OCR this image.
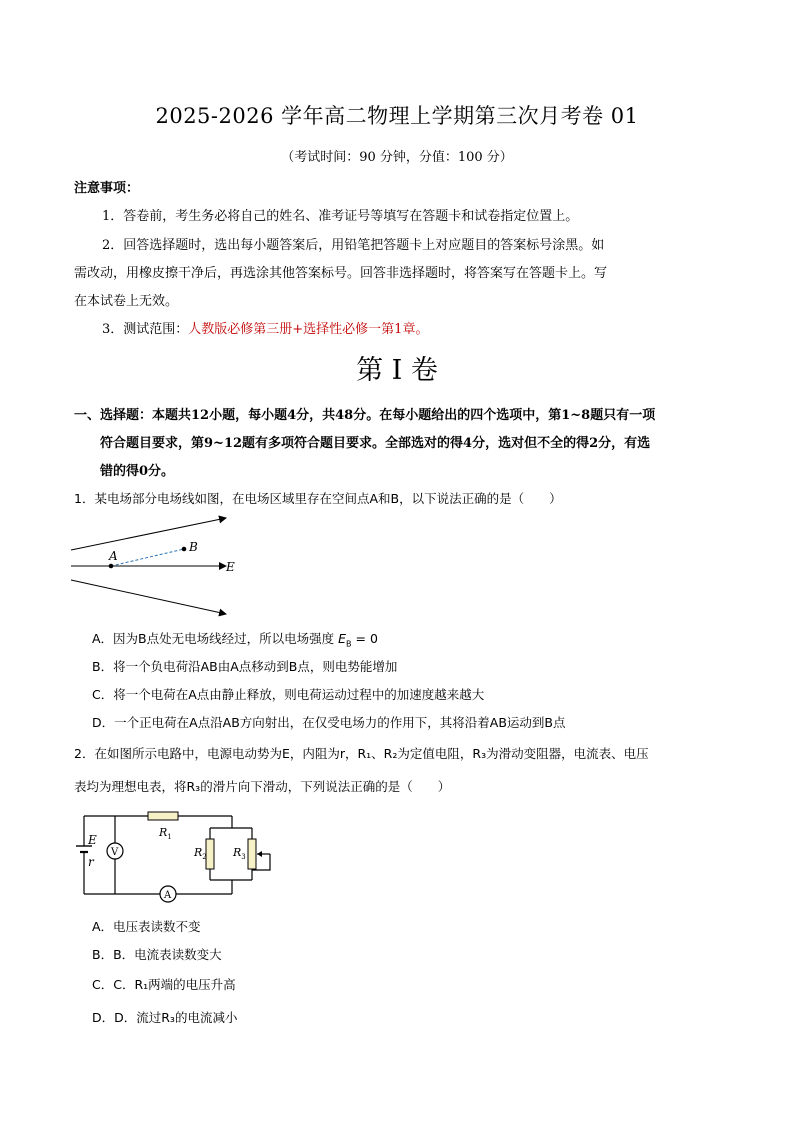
2025-2026 学年高二物理上学期第三次月考卷 01
（考试时间：90 分钟，分值：100 分）
注意事项：
1．答卷前，考生务必将自己的姓名、准考证号等填写在答题卡和试卷指定位置上。
2．回答选择题时，选出每小题答案后，用铅笔把答题卡上对应题目的答案标号涂黑。如
需改动，用橡皮擦干净后，再选涂其他答案标号。回答非选择题时，将答案写在答题卡上。写
在本试卷上无效。
3．测试范围：人教版必修第三册+选择性必修一第1章。
第 I 卷
一、选择题：本题共12小题，每小题4分，共48分。在每小题给出的四个选项中，第1~8题只有一项
符合题目要求，第9~12题有多项符合题目要求。全部选对的得4分，选对但不全的得2分，有选
错的得0分。
1．某电场部分电场线如图，在电场区域里存在空间点A和B，以下说法正确的是（　　）
A
B
E
A．因为B点处无电场线经过，所以电场强度 $E_B = 0$
B．将一个负电荷沿AB由A点移动到B点，则电势能增加
C．将一个电荷在A点由静止释放，则电荷运动过程中的加速度越来越大
D．一个正电荷在A点沿AB方向射出，在仅受电场力的作用下，其将沿着AB运动到B点
2．在如图所示电路中，电源电动势为E，内阻为r，R₁、R₂为定值电阻，R₃为滑动变阻器，电流表、电压
表均为理想电表，将R₃的滑片向下滑动，下列说法正确的是（　　）
E
r
V
$R_1$
$R_2$ $R_3$
A
A．电压表读数不变
B．B．电流表读数变大
C．C．R₁两端的电压升高
D．D．流过R₃的电流减小
